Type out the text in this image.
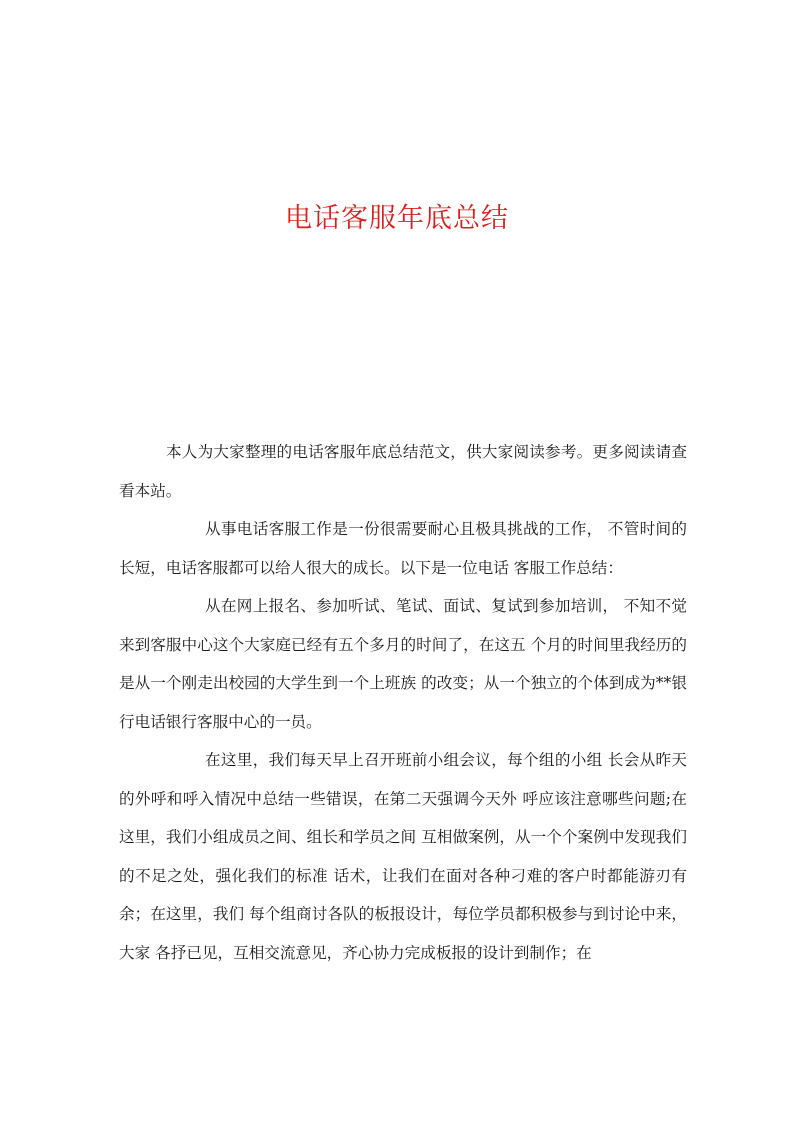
电话客服年底总结

本人为大家整理的电话客服年底总结范文，供大家阅读参考。更多阅读请查看本站。

从事电话客服工作是一份很需要耐心且极具挑战的工作， 不管时间的长短，电话客服都可以给人很大的成长。以下是一位电话 客服工作总结：

从在网上报名、参加听试、笔试、面试、复试到参加培训， 不知不觉来到客服中心这个大家庭已经有五个多月的时间了，在这五 个月的时间里我经历的是从一个刚走出校园的大学生到一个上班族 的改变；从一个独立的个体到成为**银行电话银行客服中心的一员。

在这里，我们每天早上召开班前小组会议，每个组的小组 长会从昨天的外呼和呼入情况中总结一些错误，在第二天强调今天外 呼应该注意哪些问题;在这里，我们小组成员之间、组长和学员之间 互相做案例，从一个个案例中发现我们的不足之处，强化我们的标准 话术，让我们在面对各种刁难的客户时都能游刃有余；在这里，我们 每个组商讨各队的板报设计，每位学员都积极参与到讨论中来，大家 各抒已见，互相交流意见，齐心协力完成板报的设计到制作；在
